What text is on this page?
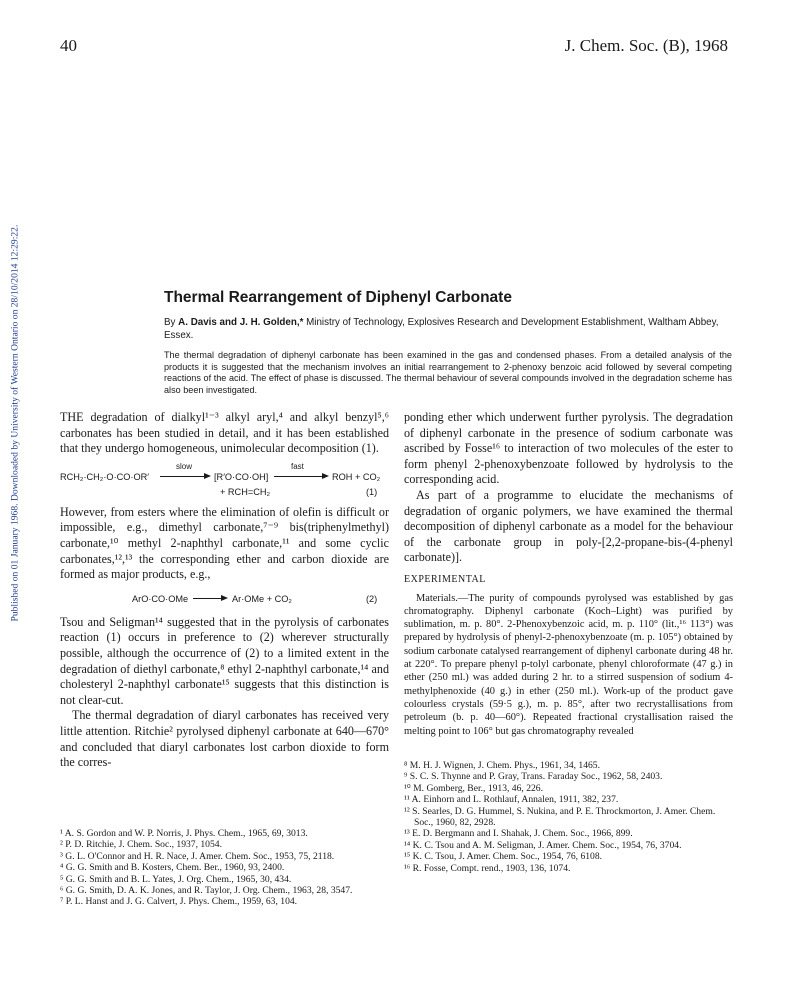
40	J. Chem. Soc. (B), 1968
Published on 01 January 1968. Downloaded by University of Western Ontario on 28/10/2014 12:29:22.	Thermal Rearrangement of Diphenyl Carbonate
By A. Davis and J. H. Golden,* Ministry of Technology, Explosives Research and Development Establishment, Waltham Abbey, Essex.
The thermal degradation of diphenyl carbonate has been examined in the gas and condensed phases. From a detailed analysis of the products it is suggested that the mechanism involves an initial rearrangement to 2-phenoxy benzoic acid followed by several competing reactions of the acid. The effect of phase is discussed. The thermal behaviour of several compounds involved in the degradation scheme has also been investigated.

THE degradation of dialkyl¹⁻³ alkyl aryl,⁴ and alkyl benzyl⁵,⁶ carbonates has been studied in detail, and it has been established that they undergo homogeneous, unimolecular decomposition (1).

RCH₂·CH₂·O·CO·OR′
slow
[R′O·CO·OH]
fast
ROH + CO₂
+ RCH=CH₂	(1)

However, from esters where the elimination of olefin is difficult or impossible, e.g., dimethyl carbonate,⁷⁻⁹ bis(triphenylmethyl) carbonate,¹⁰ methyl 2-naphthyl carbonate,¹¹ and some cyclic carbonates,¹²,¹³ the corresponding ether and carbon dioxide are formed as major products, e.g.,

ArO·CO·OMe	Ar·OMe + CO₂	(2)

Tsou and Seligman¹⁴ suggested that in the pyrolysis of carbonates reaction (1) occurs in preference to (2) wherever structurally possible, although the occurrence of (2) to a limited extent in the degradation of diethyl carbonate,⁸ ethyl 2-naphthyl carbonate,¹⁴ and cholesteryl 2-naphthyl carbonate¹⁵ suggests that this distinction is not clear-cut.

The thermal degradation of diaryl carbonates has received very little attention. Ritchie² pyrolysed diphenyl carbonate at 640—670° and concluded that diaryl carbonates lost carbon dioxide to form the corres-

ponding ether which underwent further pyrolysis. The degradation of diphenyl carbonate in the presence of sodium carbonate was ascribed by Fosse¹⁶ to interaction of two molecules of the ester to form phenyl 2-phenoxybenzoate followed by hydrolysis to the corresponding acid.

As part of a programme to elucidate the mechanisms of degradation of organic polymers, we have examined the thermal decomposition of diphenyl carbonate as a model for the behaviour of the carbonate group in poly-[2,2-propane-bis-(4-phenyl carbonate)].

EXPERIMENTAL

Materials.—The purity of compounds pyrolysed was established by gas chromatography. Diphenyl carbonate (Koch–Light) was purified by sublimation, m. p. 80°. 2-Phenoxybenzoic acid, m. p. 110° (lit.,¹⁶ 113°) was prepared by hydrolysis of phenyl-2-phenoxybenzoate (m. p. 105°) obtained by sodium carbonate catalysed rearrangement of diphenyl carbonate during 48 hr. at 220°. To prepare phenyl p-tolyl carbonate, phenyl chloroformate (47 g.) in ether (250 ml.) was added during 2 hr. to a stirred suspension of sodium 4-methylphenoxide (40 g.) in ether (250 ml.). Work-up of the product gave colourless crystals (59·5 g.), m. p. 85°, after two recrystallisations from petroleum (b. p. 40—60°). Repeated fractional crystallisation raised the melting point to 106° but gas chromatography revealed

¹ A. S. Gordon and W. P. Norris, J. Phys. Chem., 1965, 69, 3013.
² P. D. Ritchie, J. Chem. Soc., 1937, 1054.
³ G. L. O'Connor and H. R. Nace, J. Amer. Chem. Soc., 1953, 75, 2118.
⁴ G. G. Smith and B. Kosters, Chem. Ber., 1960, 93, 2400.
⁵ G. G. Smith and B. L. Yates, J. Org. Chem., 1965, 30, 434.
⁶ G. G. Smith, D. A. K. Jones, and R. Taylor, J. Org. Chem., 1963, 28, 3547.
⁷ P. L. Hanst and J. G. Calvert, J. Phys. Chem., 1959, 63, 104.
⁸ M. H. J. Wignen, J. Chem. Phys., 1961, 34, 1465.
⁹ S. C. S. Thynne and P. Gray, Trans. Faraday Soc., 1962, 58, 2403.
¹⁰ M. Gomberg, Ber., 1913, 46, 226.
¹¹ A. Einhorn and L. Rothlauf, Annalen, 1911, 382, 237.
¹² S. Searles, D. G. Hummel, S. Nukina, and P. E. Throckmorton, J. Amer. Chem. Soc., 1960, 82, 2928.
¹³ E. D. Bergmann and I. Shahak, J. Chem. Soc., 1966, 899.
¹⁴ K. C. Tsou and A. M. Seligman, J. Amer. Chem. Soc., 1954, 76, 3704.
¹⁵ K. C. Tsou, J. Amer. Chem. Soc., 1954, 76, 6108.
¹⁶ R. Fosse, Compt. rend., 1903, 136, 1074.
